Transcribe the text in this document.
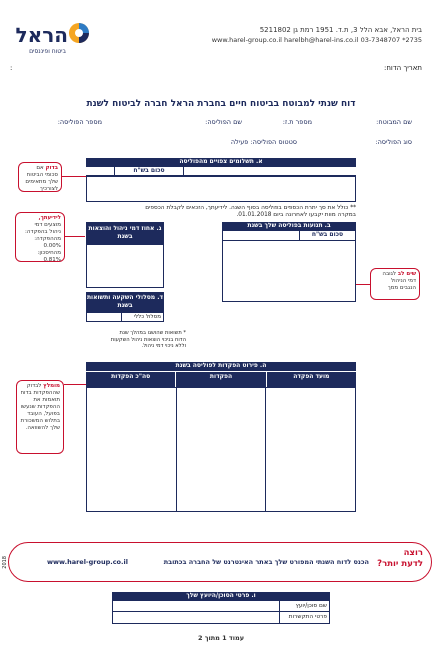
הראל
ביטוח ופיננסים
בית הראל, אבא הלל 3, ת.ד. 1951 רמת גן 5211802
www.harel-group.co.il harelbh@harel-ins.co.il 03-7348707 *2735
תאריך הדוח:
:
דוח שנתי למבוטח בביטוח חיים בחברת הראל חברה לביטוח לשנת
שם המבוטח:
מספר ת.ז:
שם הפוליסה:
מספר הפוליסה:
סוג הפוליסה:
סטטוס הפוליסה: פעילה
א. תשלומים צפויים מהפוליסה
סכום בש"ח
** כולל את סך יתרת הכספים בפוליסה בסוף השנה. לידיעתך, הזכאים לקבלת הכספים
במקרה מוות יקבעו לאחרונה ביום 01.01.2018.
בדוק אם סכומי הביטוח שלך מתאימים לצורכיך
לידיעתך,
מוצעים דמי
ניהול בהפקדה:
מההפקדה: 0.00%
מהחיסכון: 0.81%
ג. אחוז דמי ניהול והוצאות בשנת
ב. תנועות בפוליסה שלך בשנת
סכום בש"ח
שים לב לגובה דמי הניהול הנגבים ממך
ד. מסלולי השקעה ותשואות בשנת
מסלול כללי
* תשואות שהושגו במהלך שנת
הדוח בניכוי הוצאות ניהול השקעות
וללא ניכוי דמי ניהול.
ה. פירוט הפקדות לפוליסה בשנת
מועד הפקדה
הפקדות
סה"כ הפקדות
מומלץ לבדוק שההפקדות בדוח תואמות את ההפקדות שנעשו בפועל, העובד בתלוש המשכורת שלך להשוואה.
רוצה
לדעת יותר?
הכנס לדוח השנתי המפורט שלך באתר האינטרנט של החברה בכתובת
www.harel-group.co.il
2018
ו. פרטי הסוכן/היועץ שלך
שם סוכן/יועץ
פרטי התקשרות
עמוד 1 מתוך 2
